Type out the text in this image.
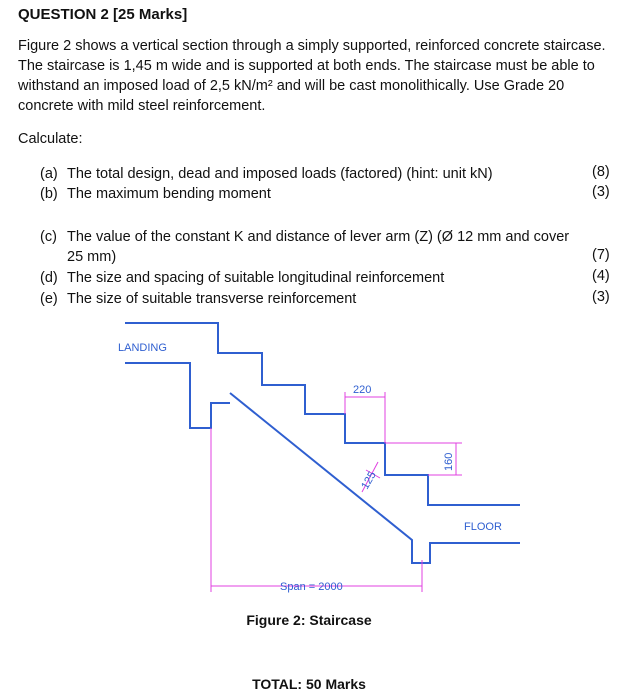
QUESTION 2 [25 Marks]
Figure 2 shows a vertical section through a simply supported, reinforced concrete staircase. The staircase is 1,45 m wide and is supported at both ends. The staircase must be able to withstand an imposed load of 2,5 kN/m² and will be cast monolithically. Use Grade 20 concrete with mild steel reinforcement.
Calculate:
(a) The total design, dead and imposed loads (factored) (hint: unit kN)	(8)
(b) The maximum bending moment	(3)
(c) The value of the constant K and distance of lever arm (Z) (Ø 12 mm and cover 25 mm)	(7)
(d) The size and spacing of suitable longitudinal reinforcement	(4)
(e) The size of suitable transverse reinforcement	(3)
LANDING
FLOOR
220
160
125
Span = 2000
Figure 2: Staircase
TOTAL: 50 Marks
